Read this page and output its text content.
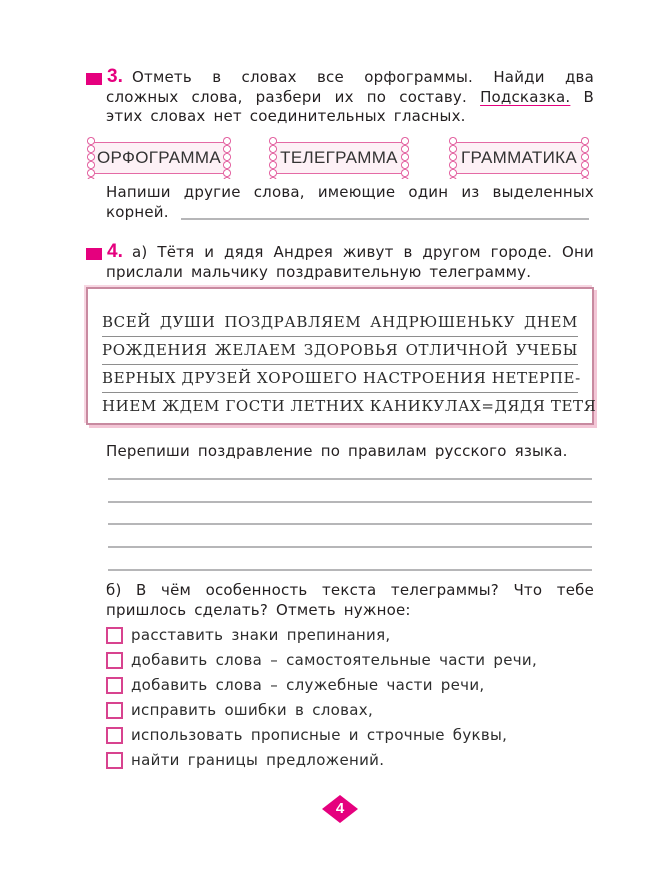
3. Отметь в словах все орфограммы. Найди два сложных слова, разбери их по составу. Подсказка. В этих словах нет соединительных гласных.
ОРФОГРАММА	ТЕЛЕГРАММА	ГРАММАТИКА
Напиши другие слова, имеющие один из выделенных корней.
4. а) Тётя и дядя Андрея живут в другом городе. Они прислали мальчику поздравительную телеграмму.
ВСЕЙ ДУШИ ПОЗДРАВЛЯЕМ АНДРЮШЕНЬКУ ДНЕМ
РОЖДЕНИЯ ЖЕЛАЕМ ЗДОРОВЬЯ ОТЛИЧНОЙ УЧЕБЫ
ВЕРНЫХ ДРУЗЕЙ ХОРОШЕГО НАСТРОЕНИЯ НЕТЕРПЕ-
НИЕМ ЖДЕМ ГОСТИ ЛЕТНИХ КАНИКУЛАХ=ДЯДЯ ТЕТЯ
Перепиши поздравление по правилам русского языка.
б) В чём особенность текста телеграммы? Что тебе пришлось сделать? Отметь нужное:
расставить знаки препинания,
добавить слова – самостоятельные части речи,
добавить слова – служебные части речи,
исправить ошибки в словах,
использовать прописные и строчные буквы,
найти границы предложений.
4
